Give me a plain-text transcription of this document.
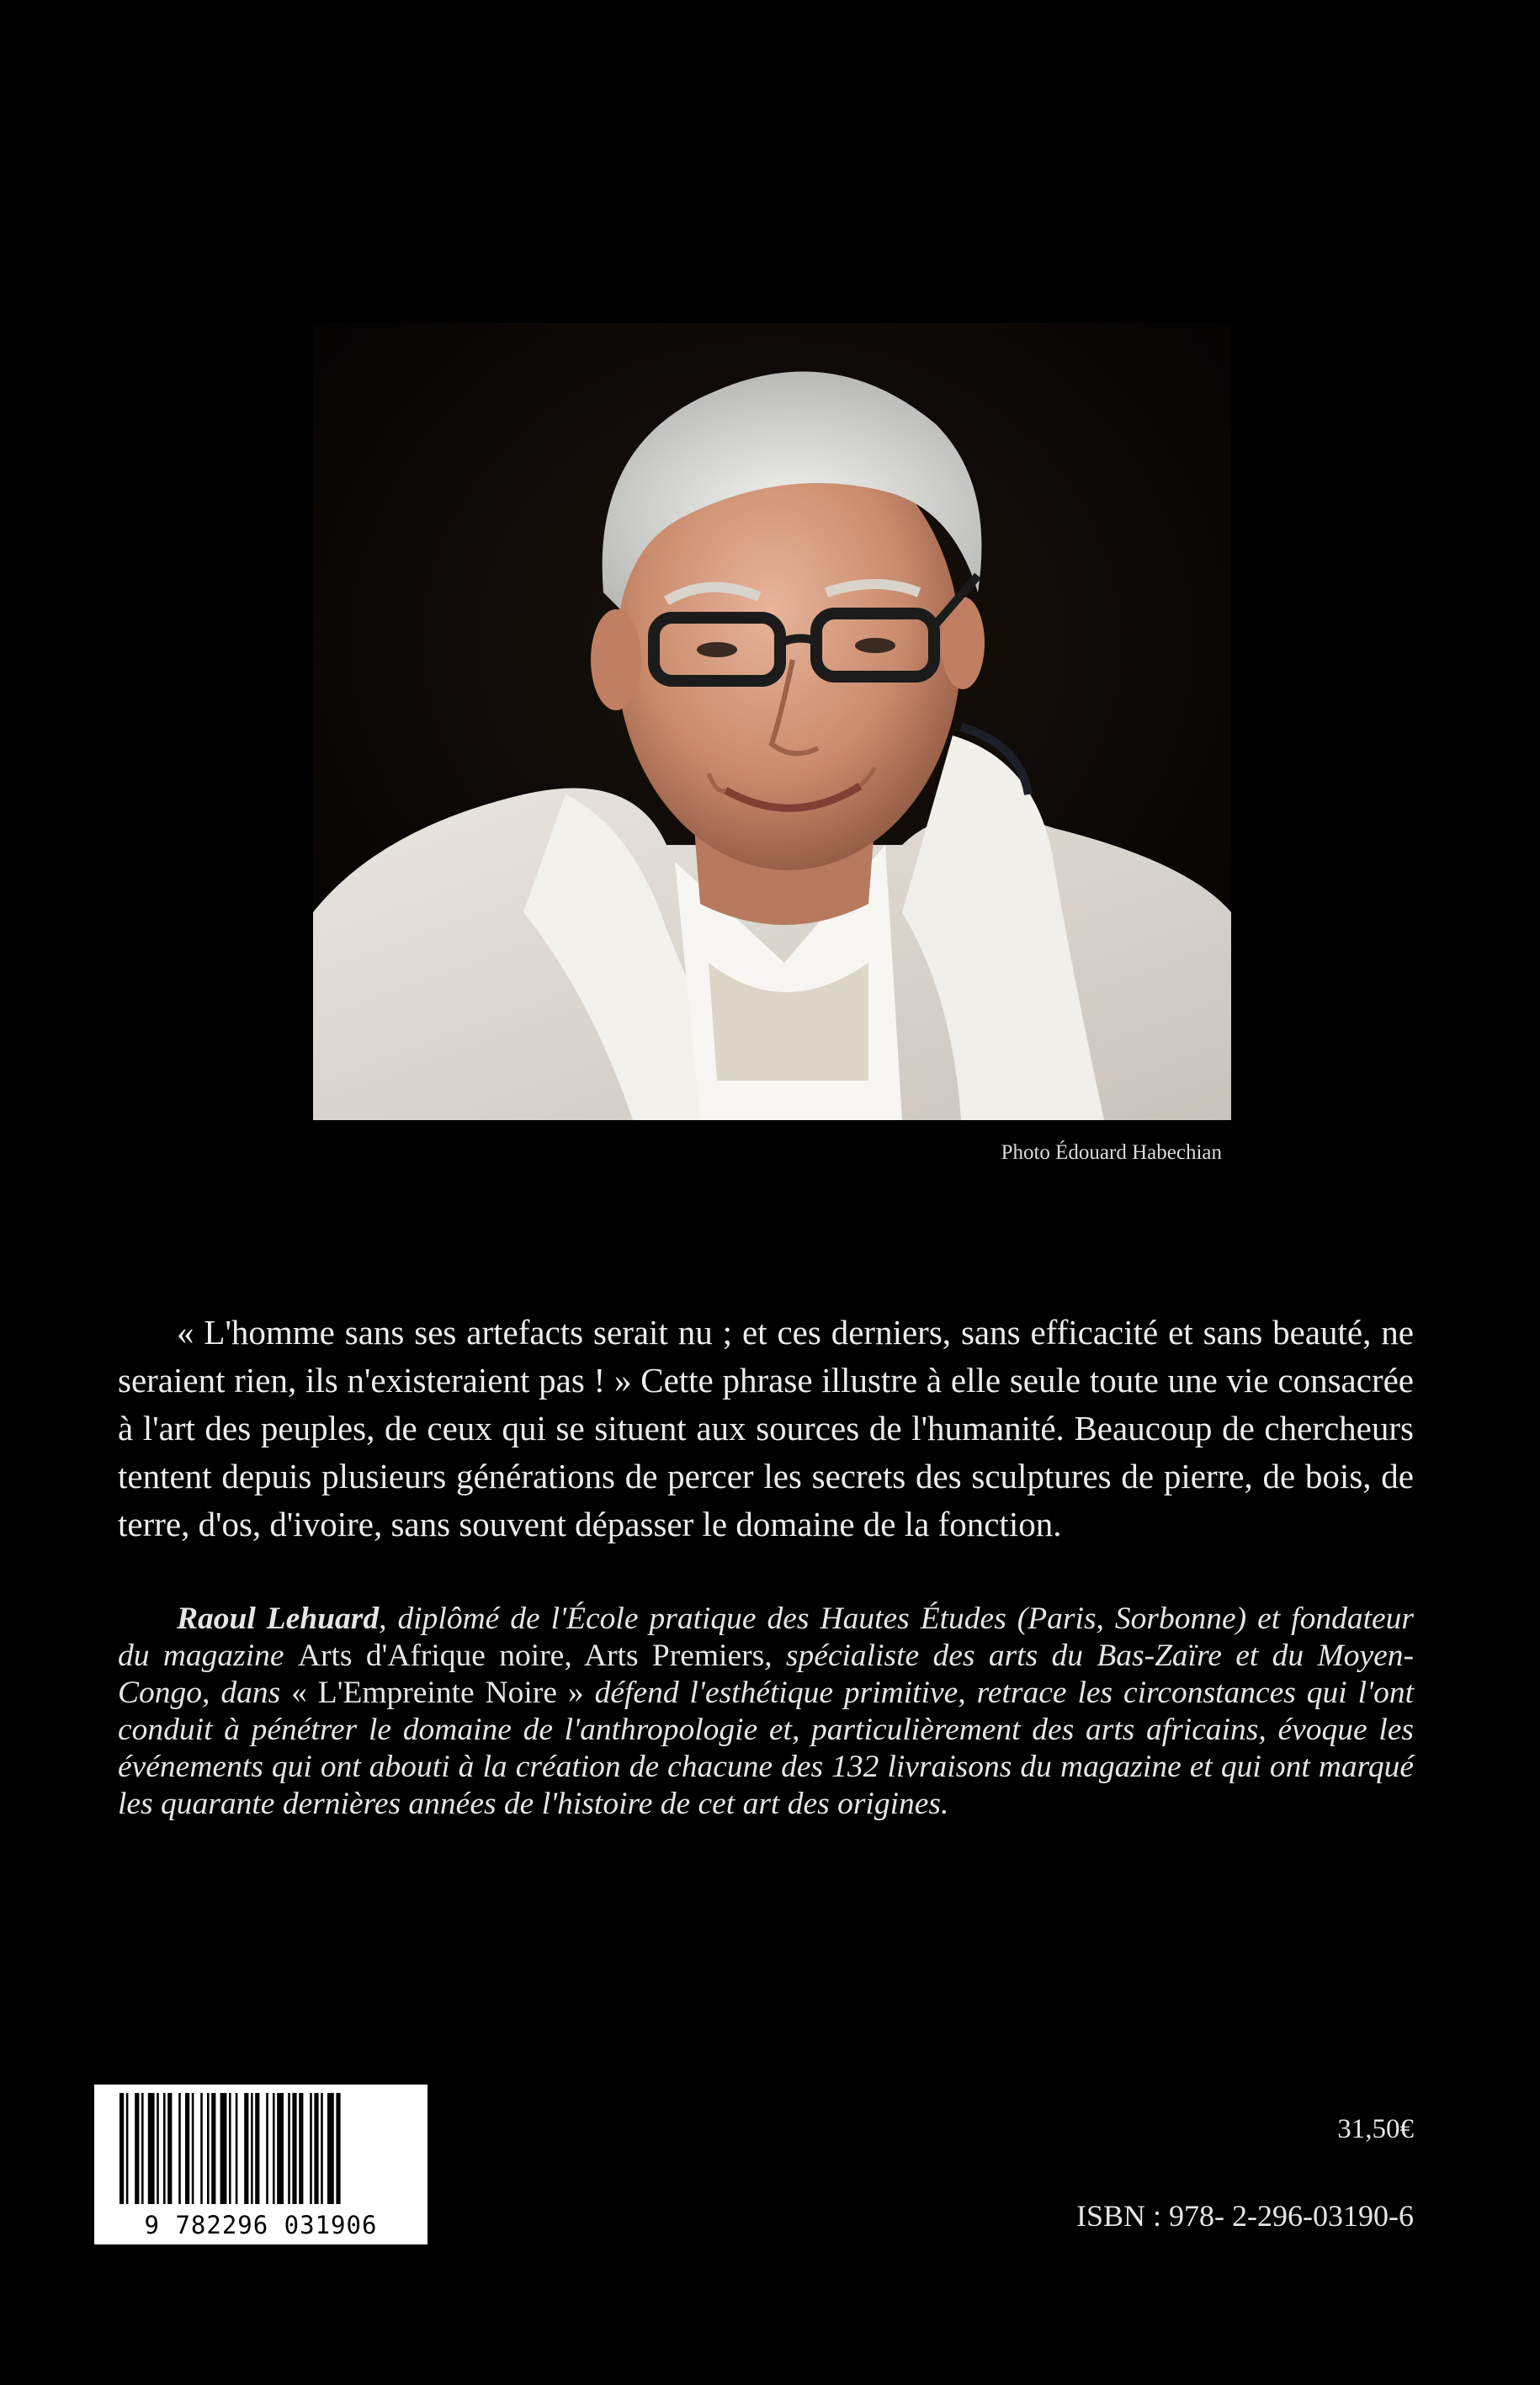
Photo Édouard Habechian

« L'homme sans ses artefacts serait nu ; et ces derniers, sans efficacité et sans beauté, ne seraient rien, ils n'existeraient pas ! » Cette phrase illustre à elle seule toute une vie consacrée à l'art des peuples, de ceux qui se situent aux sources de l'humanité. Beaucoup de chercheurs tentent depuis plusieurs générations de percer les secrets des sculptures de pierre, de bois, de terre, d'os, d'ivoire, sans souvent dépasser le domaine de la fonction.

Raoul Lehuard, diplômé de l'École pratique des Hautes Études (Paris, Sorbonne) et fondateur du magazine Arts d'Afrique noire, Arts Premiers, spécialiste des arts du Bas-Zaïre et du Moyen-Congo, dans « L'Empreinte Noire » défend l'esthétique primitive, retrace les circonstances qui l'ont conduit à pénétrer le domaine de l'anthropologie et, particulièrement des arts africains, évoque les événements qui ont abouti à la création de chacune des 132 livraisons du magazine et qui ont marqué les quarante dernières années de l'histoire de cet art des origines.

9 782296 031906
31,50€
ISBN : 978- 2-296-03190-6
